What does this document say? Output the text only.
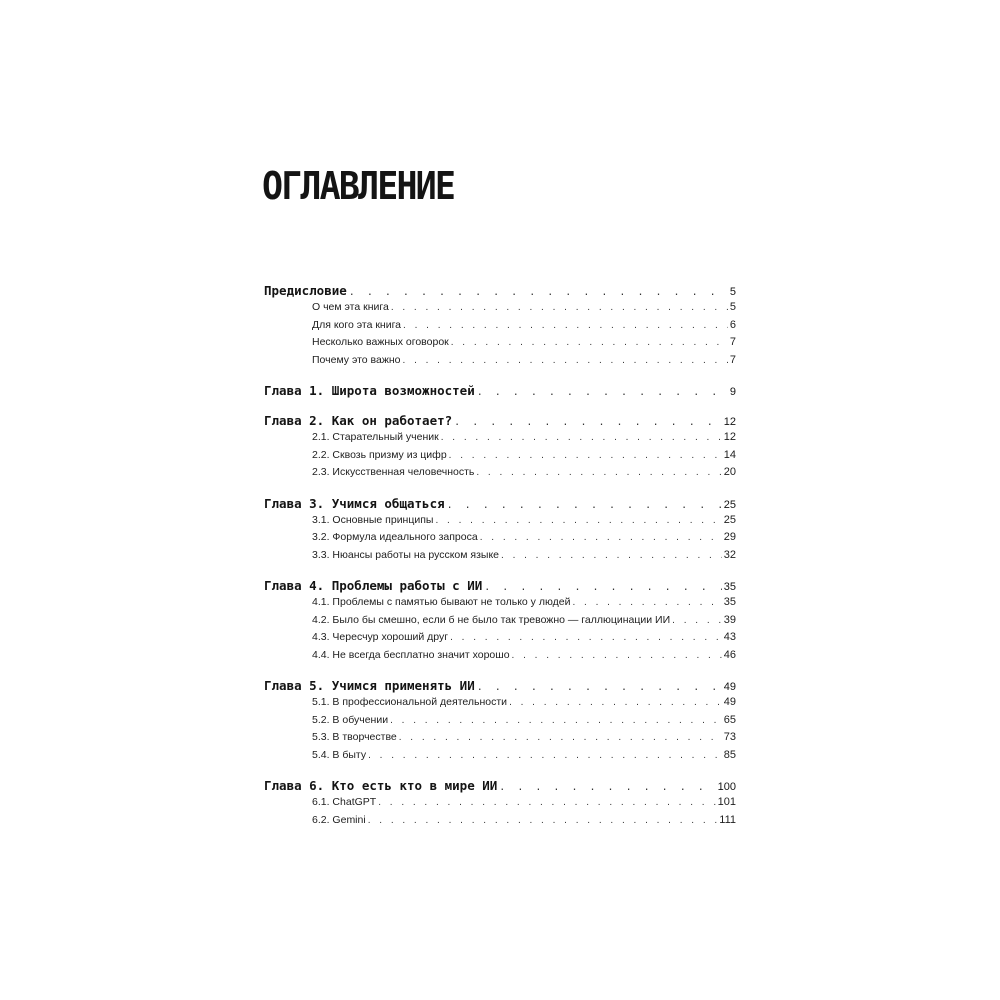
ОГЛАВЛЕНИЕ
Предисловие . . .	5
О чем эта книга . . .	5
Для кого эта книга . . .	6
Несколько важных оговорок . . .	7
Почему это важно . . .	7
Глава 1. Широта возможностей . . .	9
Глава 2. Как он работает? . . .	12
2.1. Старательный ученик . . .	12
2.2. Сквозь призму из цифр . . .	14
2.3. Искусственная человечность . . .	20
Глава 3. Учимся общаться . . .	25
3.1. Основные принципы . . .	25
3.2. Формула идеального запроса . . .	29
3.3. Нюансы работы на русском языке . . .	32
Глава 4. Проблемы работы с ИИ . . .	35
4.1. Проблемы с памятью бывают не только у людей . . .	35
4.2. Было бы смешно, если б не было так тревожно — галлюцинации ИИ . . .	39
4.3. Чересчур хороший друг . . .	43
4.4. Не всегда бесплатно значит хорошо . . .	46
Глава 5. Учимся применять ИИ . . .	49
5.1. В профессиональной деятельности . . .	49
5.2. В обучении . . .	65
5.3. В творчестве . . .	73
5.4. В быту . . .	85
Глава 6. Кто есть кто в мире ИИ . . .	100
6.1. ChatGPT . . .	101
6.2. Gemini . . .	111
